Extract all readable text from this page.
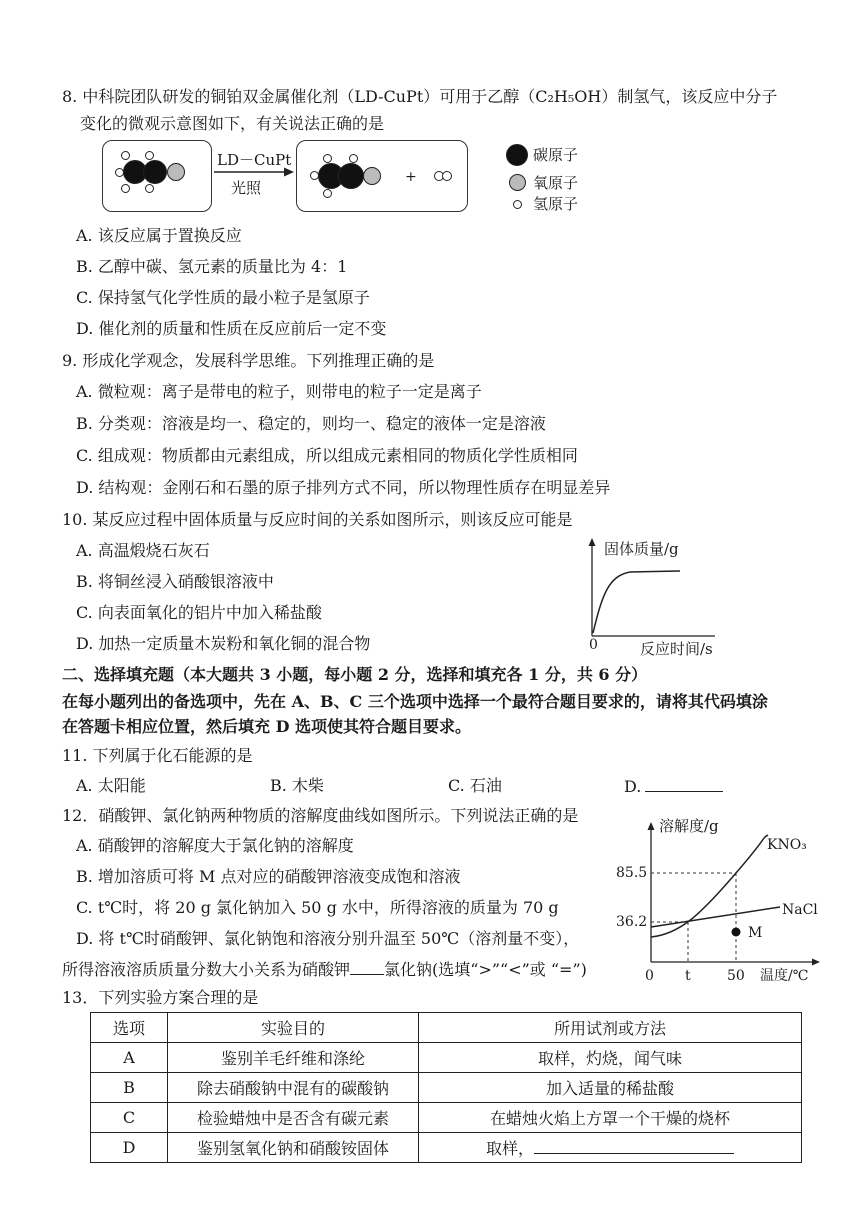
8. 中科院团队研发的铜铂双金属催化剂（LD-CuPt）可用于乙醇（C₂H₅OH）制氢气，该反应中分子
变化的微观示意图如下，有关说法正确的是
LD－CuPt
光照
+
碳原子
氧原子
氢原子
A. 该反应属于置换反应
B. 乙醇中碳、氢元素的质量比为 4：1
C. 保持氢气化学性质的最小粒子是氢原子
D. 催化剂的质量和性质在反应前后一定不变
9. 形成化学观念，发展科学思维。下列推理正确的是
A. 微粒观：离子是带电的粒子，则带电的粒子一定是离子
B. 分类观：溶液是均一、稳定的，则均一、稳定的液体一定是溶液
C. 组成观：物质都由元素组成，所以组成元素相同的物质化学性质相同
D. 结构观：金刚石和石墨的原子排列方式不同，所以物理性质存在明显差异
10. 某反应过程中固体质量与反应时间的关系如图所示，则该反应可能是
A. 高温煅烧石灰石
B. 将铜丝浸入硝酸银溶液中
C. 向表面氧化的铝片中加入稀盐酸
D. 加热一定质量木炭粉和氧化铜的混合物
固体质量/g
0	反应时间/s
二、选择填充题（本大题共 3 小题，每小题 2 分，选择和填充各 1 分，共 6 分）
在每小题列出的备选项中，先在 A、B、C 三个选项中选择一个最符合题目要求的，请将其代码填涂
在答题卡相应位置，然后填充 D 选项使其符合题目要求。
11. 下列属于化石能源的是
A. 太阳能	B. 木柴	C. 石油	D.
12．硝酸钾、氯化钠两种物质的溶解度曲线如图所示。下列说法正确的是
A. 硝酸钾的溶解度大于氯化钠的溶解度
B. 增加溶质可将 M 点对应的硝酸钾溶液变成饱和溶液
C. t℃时，将 20 g 氯化钠加入 50 g 水中，所得溶液的质量为 70 g
D. 将 t℃时硝酸钾、氯化钠饱和溶液分别升温至 50℃（溶剂量不变），
所得溶液溶质质量分数大小关系为硝酸钾 氯化钠(选填“>”“<”或 “=”)
溶解度/g
KNO₃
NaCl
85.5
36.2
M
0 t	50 温度/℃
13．下列实验方案合理的是
选项	实验目的	所用试剂或方法
A	鉴别羊毛纤维和涤纶	取样，灼烧，闻气味
B	除去硝酸钠中混有的碳酸钠	加入适量的稀盐酸
C	检验蜡烛中是否含有碳元素	在蜡烛火焰上方罩一个干燥的烧杯
D	鉴别氢氧化钠和硝酸铵固体	取样，
